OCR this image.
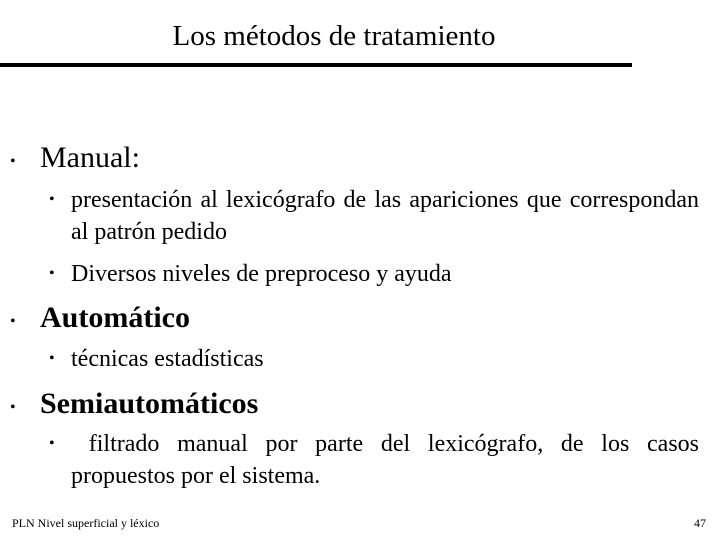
Los métodos de tratamiento
• Manual:
• presentación al lexicógrafo de las apariciones que correspondan al patrón pedido
• Diversos niveles de preproceso y ayuda
• Automático
• técnicas estadísticas
• Semiautomáticos
• filtrado manual por parte del lexicógrafo, de los casos propuestos por el sistema.
PLN Nivel superficial y léxico	47
